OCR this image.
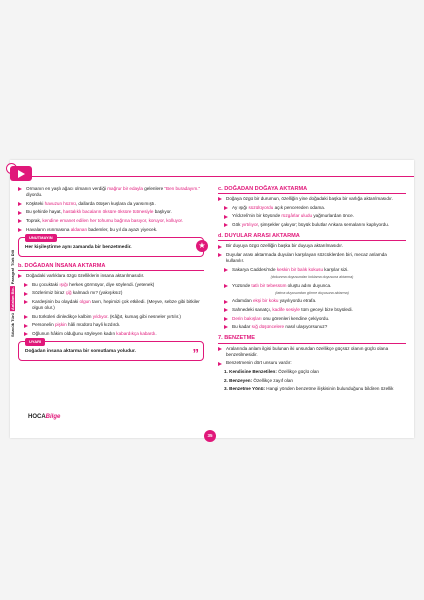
Türk Dili
Paragraf
Anlatım Bic.
Sözcük Türü
Ormanın en yaşlı ağacı olmanın verdiği mağrur bir edayla gelenlere "Ben buradayım." diyordu.
Köşkteki havuzun hüznü, dallarda ötüşen kuşlara da yansımıştı.
Bu şehirde hayat, hastalıklı bacaların öksüre öksüre tütmesiyle başlıyor.
Toprak, kendine emanet edilen her tohumu bağrına basıyor, koruyor, kolluyor.
Havaların ısınmasına aldanan bademler, bu yıl da ayazı yiyecek.
UNUTMAYIN
Her kişileştirme aynı zamanda bir benzetmedir.	★
b. DOĞADAN İNSANA AKTARMA
Doğadaki varlıklara özgü özelliklerin insana aktarılmasıdır.
Bu çocuktaki ışığı herkes görmüyor, diye söylendi. (yetenek)
Sözlerimiz biraz çiğ kalmadı mı? (yakışıksız)
Kardeşinin bu olaydaki olgun tavrı, hepimizi çok etkiledi. (Meyve, sebze gibi bitkiler olgun olur.)
Bu türküleri dinledikçe kalbim yıldıyor. (Kâğıt, kumaş gibi nesneler yırtılır.)
Personelin pişkin hâli müdürü hayli kızdırdı.
Oğlunun hâkim olduğunu söyleyen kadın kabardıkça kabardı.
UYARI
Doğadan insana aktarma bir somutlama yoludur.	”
c. DOĞADAN DOĞAYA AKTARMA
Doğaya özgü bir durumun, özelliğin yine doğadaki başka bir varlığa aktarılmasıdır.
Ay ışığı süzülüyordu açık pencereden odama.
Yıldızeli'nin bir köyünde rüzgârlar uludu yağmurlardan önce.
Gök yırtılıyor, şimşekler çakıyor; büyük bulutlar Ankara semalarını kaplıyordu.
d. DUYULAR ARASI AKTARMA
Bir duyuya özgü özelliğin başka bir duyuya aktarılmasıdır.
Duyular arası aktarmada duyuları karşılayan sözcüklerden biri, mecaz anlamda kullanılır.
Sakarya Caddesi'nde keskin bir balık kokusu karşılar sizi.
(dokunma duyusundan koklama duyusuna aktarma)
Yüzünde tatlı bir tebessüm oluştu adını duyunca.
(tatma duyusundan görme duyusuna aktarma)
Adamdan ekşi bir koku yayılıyordu etrafa.
Sahnedeki sanatçı, kadife sesiyle tüm geceyi bize büyüledi.
Derin bakışları onu görenleri kendine çekiyordu.
Bu kadar sığ düşüncelere nasıl ulaşıyorsunuz?
7. BENZETME
Aralarında anlam ilgisi bulunan iki unsurdan özellikçe güçsüz olanın güçlü olana benzetilmesidir.
Benzetmenin dört unsuru vardır:
1. Kendisine Benzetilen: Özellikçe güçlü olan
2. Benzeyen: Özellikçe zayıf olan
3. Benzetme Yönü: Hangi yönden benzetme ilişkisinin bulunduğunu bildiren özellik
HOCABilge
35
